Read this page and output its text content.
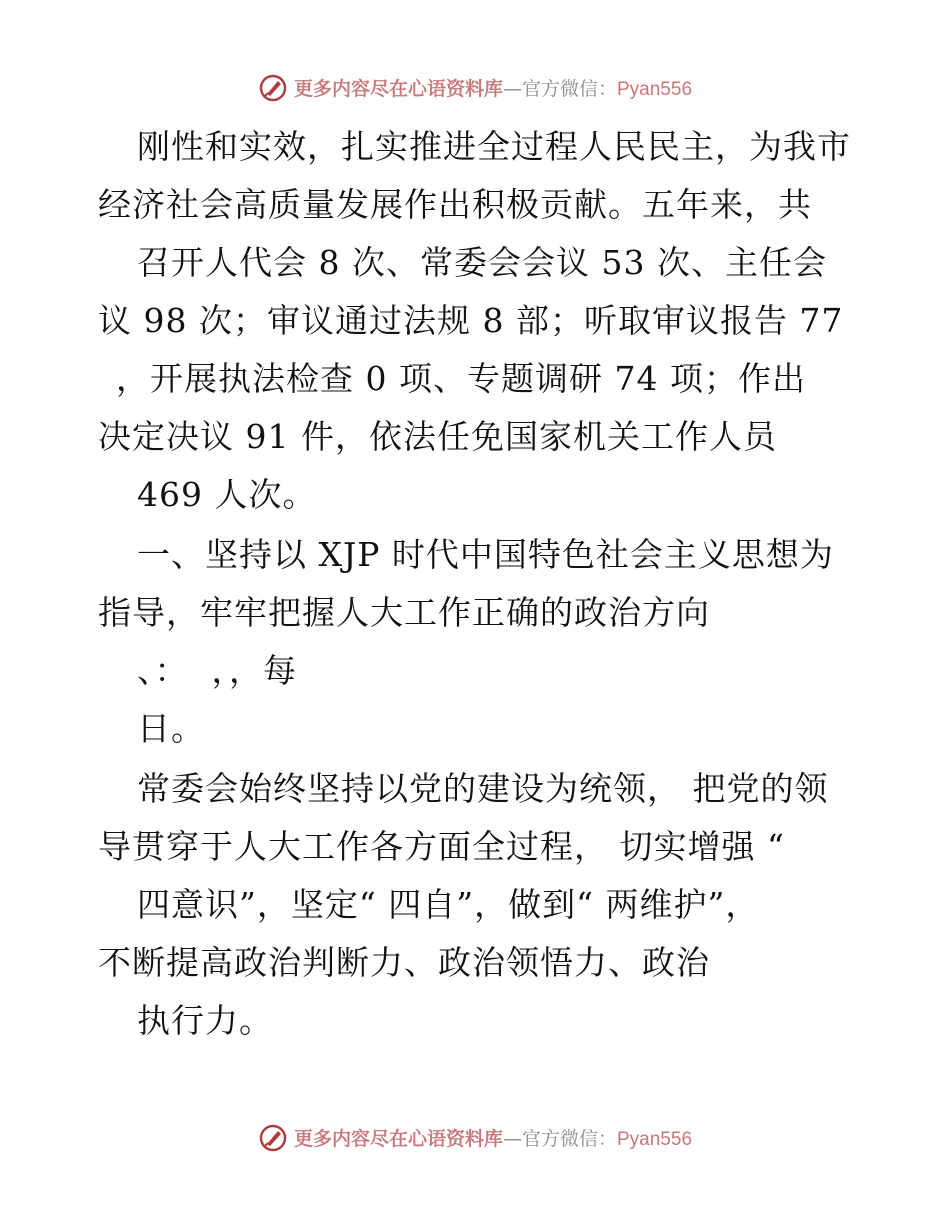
更多内容尽在心语资料库—官方微信：Pyan556
刚性和实效，扎实推进全过程人民民主，为我市
经济社会高质量发展作出积极贡献。五年来，共
召开人代会 8 次、常委会会议 53 次、主任会
议 98 次；审议通过法规 8 部；听取审议报告 77
，开展执法检查 0 项、专题调研 74 项；作出
决定决议 91 件，依法任免国家机关工作人员
469 人次。
一、坚持以 XJP 时代中国特色社会主义思想为
指导，牢牢把握人大工作正确的政治方向
、：  ，，每
日。
常委会始终坚持以党的建设为统领， 把党的领
导贯穿于人大工作各方面全过程， 切实增强 “
四意识”，坚定“ 四自”，做到“ 两维护”，
不断提高政治判断力、政治领悟力、政治
执行力。
更多内容尽在心语资料库—官方微信：Pyan556
